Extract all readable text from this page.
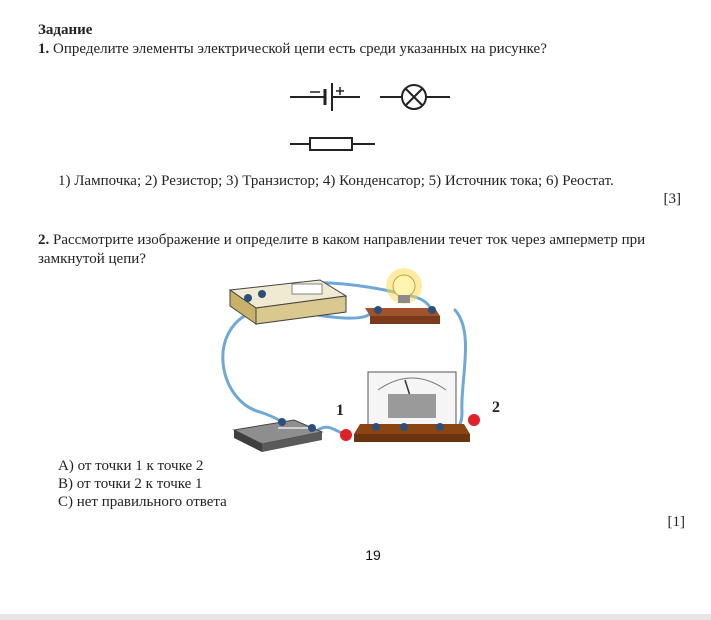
Задание
1. Определите элементы электрической цепи есть среди указанных на рисунке?
1) Лампочка; 2) Резистор; 3) Транзистор; 4) Конденсатор; 5) Источник тока; 6) Реостат.
[3]
2. Рассмотрите изображение и определите в каком направлении течет ток через амперметр при замкнутой цепи?
1	2
A) от точки 1 к точке 2
B) от точки 2 к точке 1
C) нет правильного ответа
[1]
19
